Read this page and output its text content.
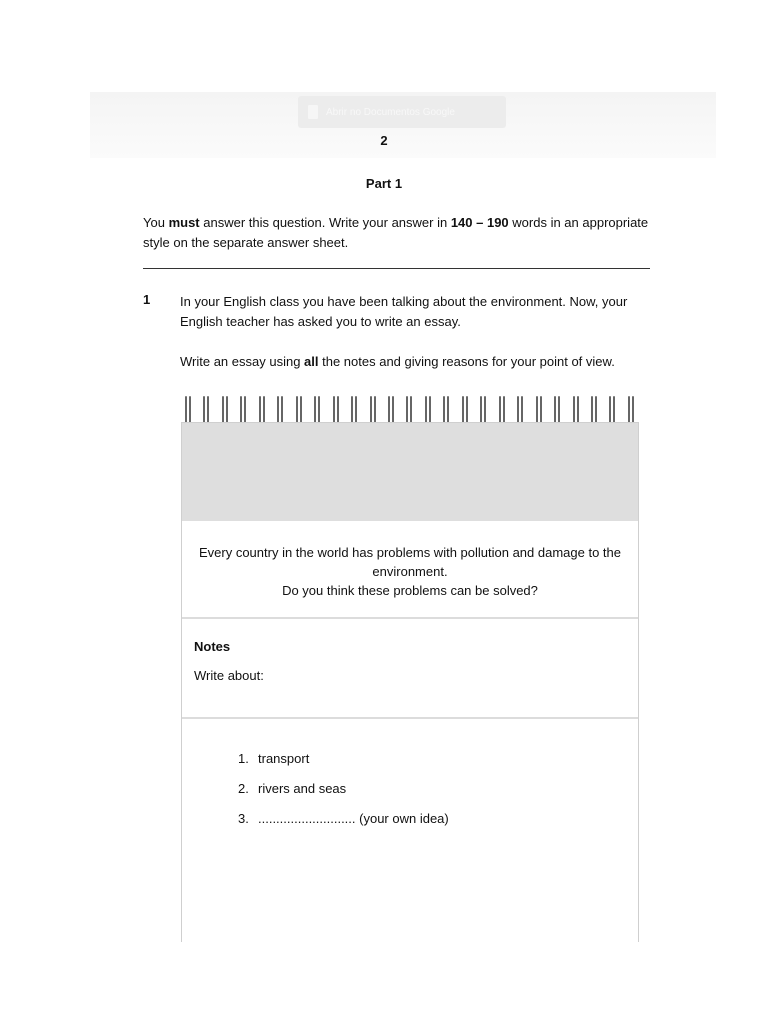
Abrir no Documentos Google
2
Part 1
You must answer this question. Write your answer in 140 – 190 words in an appropriate style on the separate answer sheet.
1 In your English class you have been talking about the environment. Now, your English teacher has asked you to write an essay.
Write an essay using all the notes and giving reasons for your point of view.
Every country in the world has problems with pollution and damage to the environment.
Do you think these problems can be solved?
Notes
Write about:
1. transport
2. rivers and seas
3. ........................... (your own idea)
